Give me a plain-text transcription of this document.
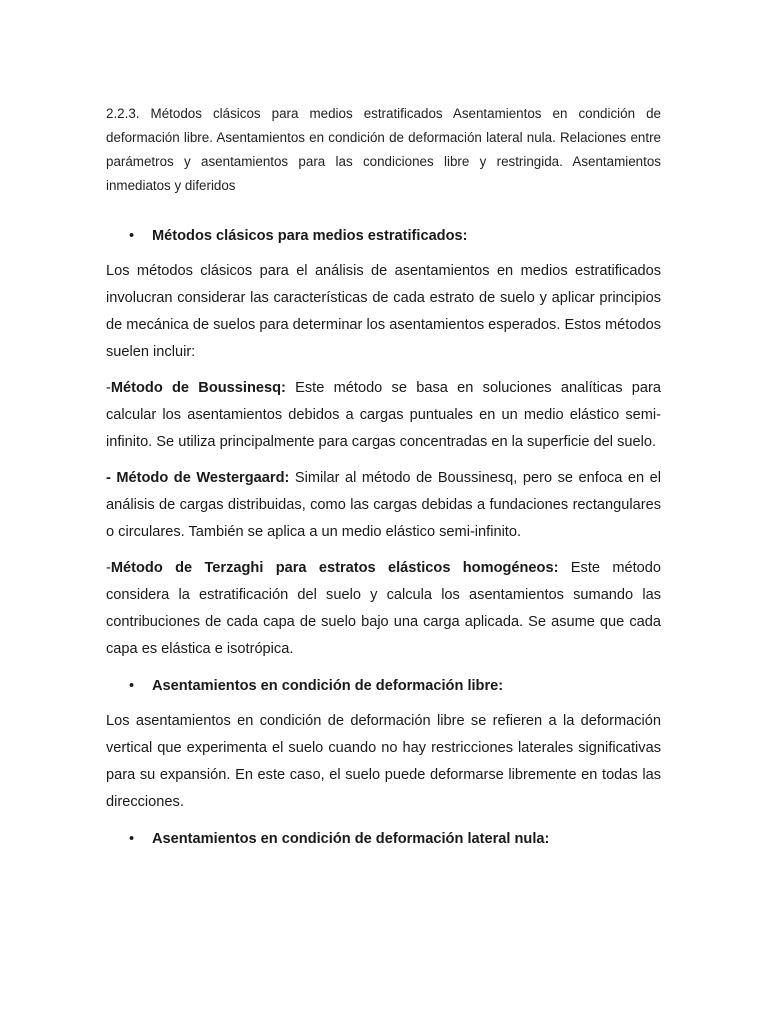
2.2.3. Métodos clásicos para medios estratificados Asentamientos en condición de deformación libre. Asentamientos en condición de deformación lateral nula. Relaciones entre parámetros y asentamientos para las condiciones libre y restringida. Asentamientos inmediatos y diferidos

• Métodos clásicos para medios estratificados:

Los métodos clásicos para el análisis de asentamientos en medios estratificados involucran considerar las características de cada estrato de suelo y aplicar principios de mecánica de suelos para determinar los asentamientos esperados. Estos métodos suelen incluir:

-Método de Boussinesq: Este método se basa en soluciones analíticas para calcular los asentamientos debidos a cargas puntuales en un medio elástico semi-infinito. Se utiliza principalmente para cargas concentradas en la superficie del suelo.

- Método de Westergaard: Similar al método de Boussinesq, pero se enfoca en el análisis de cargas distribuidas, como las cargas debidas a fundaciones rectangulares o circulares. También se aplica a un medio elástico semi-infinito.

-Método de Terzaghi para estratos elásticos homogéneos: Este método considera la estratificación del suelo y calcula los asentamientos sumando las contribuciones de cada capa de suelo bajo una carga aplicada. Se asume que cada capa es elástica e isotrópica.

• Asentamientos en condición de deformación libre:

Los asentamientos en condición de deformación libre se refieren a la deformación vertical que experimenta el suelo cuando no hay restricciones laterales significativas para su expansión. En este caso, el suelo puede deformarse libremente en todas las direcciones.

• Asentamientos en condición de deformación lateral nula:
